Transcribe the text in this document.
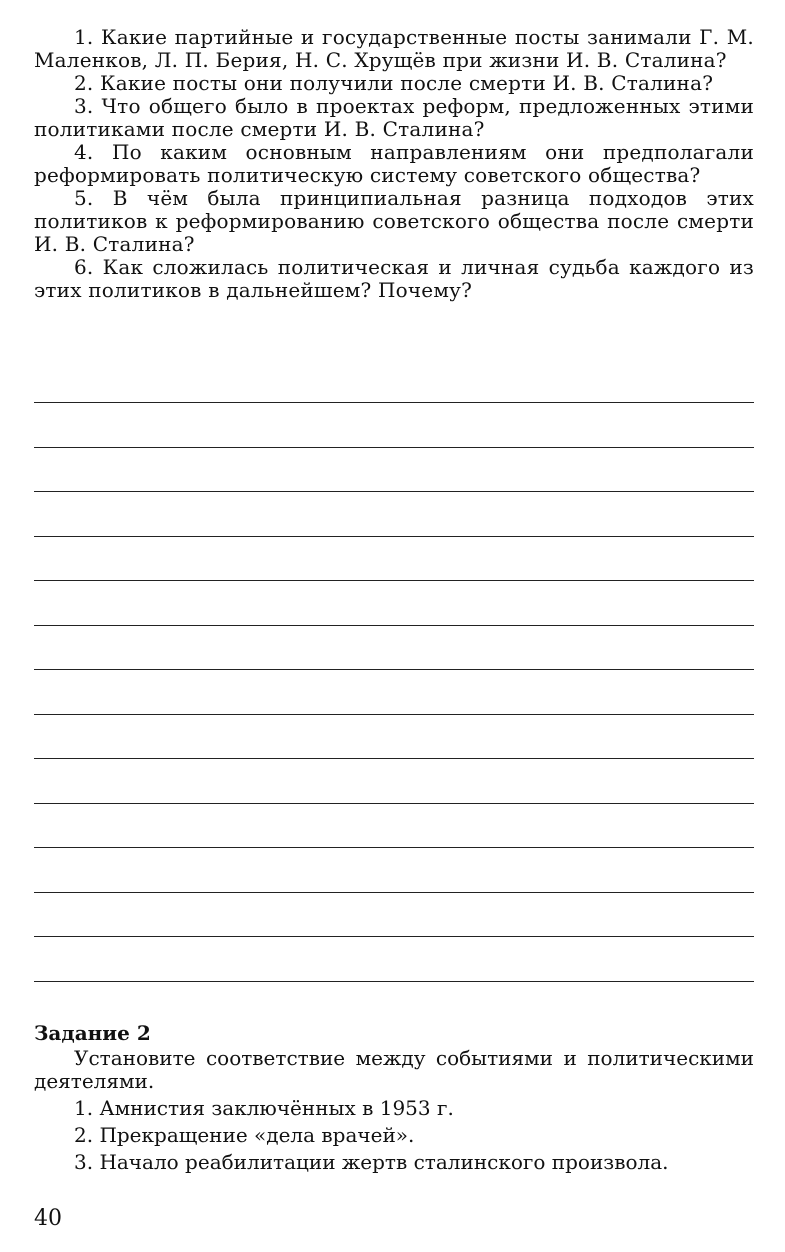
1. Какие партийные и государственные посты занимали Г. М. Маленков, Л. П. Берия, Н. С. Хрущёв при жизни И. В. Сталина?

2. Какие посты они получили после смерти И. В. Сталина?

3. Что общего было в проектах реформ, предложенных этими политиками после смерти И. В. Сталина?

4. По каким основным направлениям они предполагали реформировать политическую систему советского общества?

5. В чём была принципиальная разница подходов этих политиков к реформированию советского общества после смерти И. В. Сталина?

6. Как сложилась политическая и личная судьба каждого из этих политиков в дальнейшем? Почему?

Задание 2

Установите соответствие между событиями и политическими деятелями.

1. Амнистия заключённых в 1953 г.

2. Прекращение «дела врачей».

3. Начало реабилитации жертв сталинского произвола.

40
